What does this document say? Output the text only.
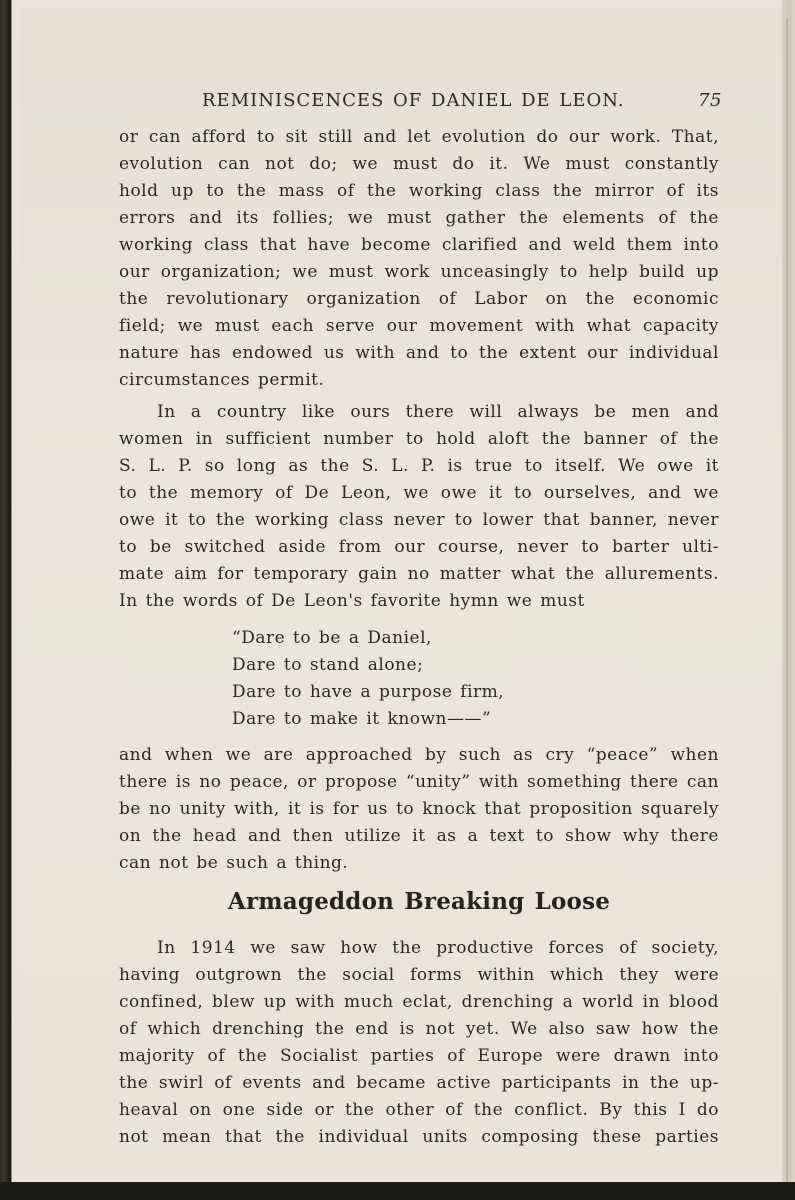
REMINISCENCES OF DANIEL DE LEON.	75
or can afford to sit still and let evolution do our work. That,
evolution can not do; we must do it. We must constantly
hold up to the mass of the working class the mirror of its
errors and its follies; we must gather the elements of the
working class that have become clarified and weld them into
our organization; we must work unceasingly to help build up
the revolutionary organization of Labor on the economic
field; we must each serve our movement with what capacity
nature has endowed us with and to the extent our individual
circumstances permit.
In a country like ours there will always be men and
women in sufficient number to hold aloft the banner of the
S. L. P. so long as the S. L. P. is true to itself. We owe it
to the memory of De Leon, we owe it to ourselves, and we
owe it to the working class never to lower that banner, never
to be switched aside from our course, never to barter ulti-
mate aim for temporary gain no matter what the allurements.
In the words of De Leon's favorite hymn we must
“Dare to be a Daniel,
Dare to stand alone;
Dare to have a purpose firm,
Dare to make it known——”
and when we are approached by such as cry “peace” when
there is no peace, or propose “unity” with something there can
be no unity with, it is for us to knock that proposition squarely
on the head and then utilize it as a text to show why there
can not be such a thing.
Armageddon Breaking Loose
In 1914 we saw how the productive forces of society,
having outgrown the social forms within which they were
confined, blew up with much eclat, drenching a world in blood
of which drenching the end is not yet. We also saw how the
majority of the Socialist parties of Europe were drawn into
the swirl of events and became active participants in the up-
heaval on one side or the other of the conflict. By this I do
not mean that the individual units composing these parties
